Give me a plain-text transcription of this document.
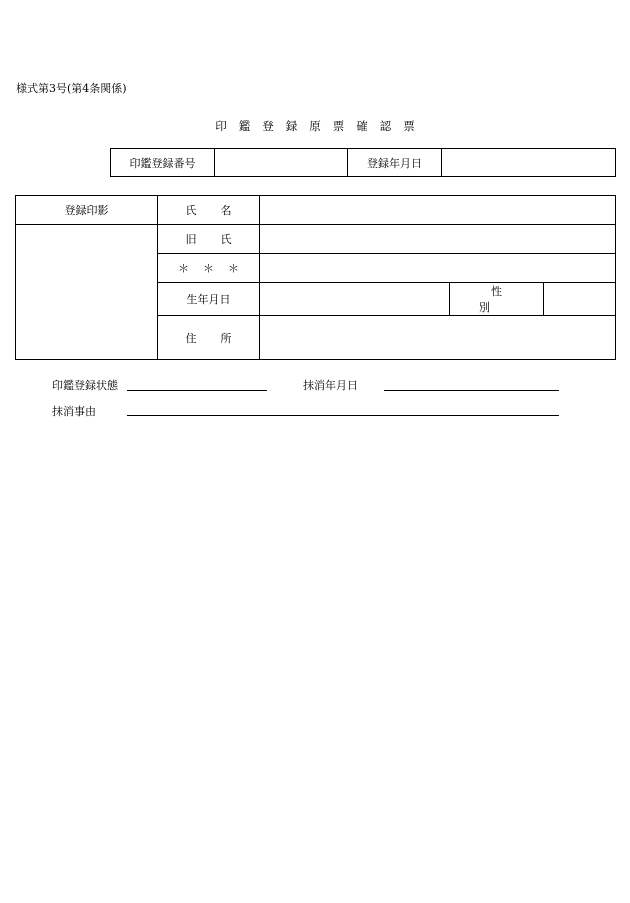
様式第3号(第4条関係)
印鑑登録原票確認票
印鑑登録番号		登録年月日	
登録印影	氏名			
	旧氏			
	＊＊＊			
	生年月日		性別	
	住所			
印鑑登録状態	抹消年月日
抹消事由
